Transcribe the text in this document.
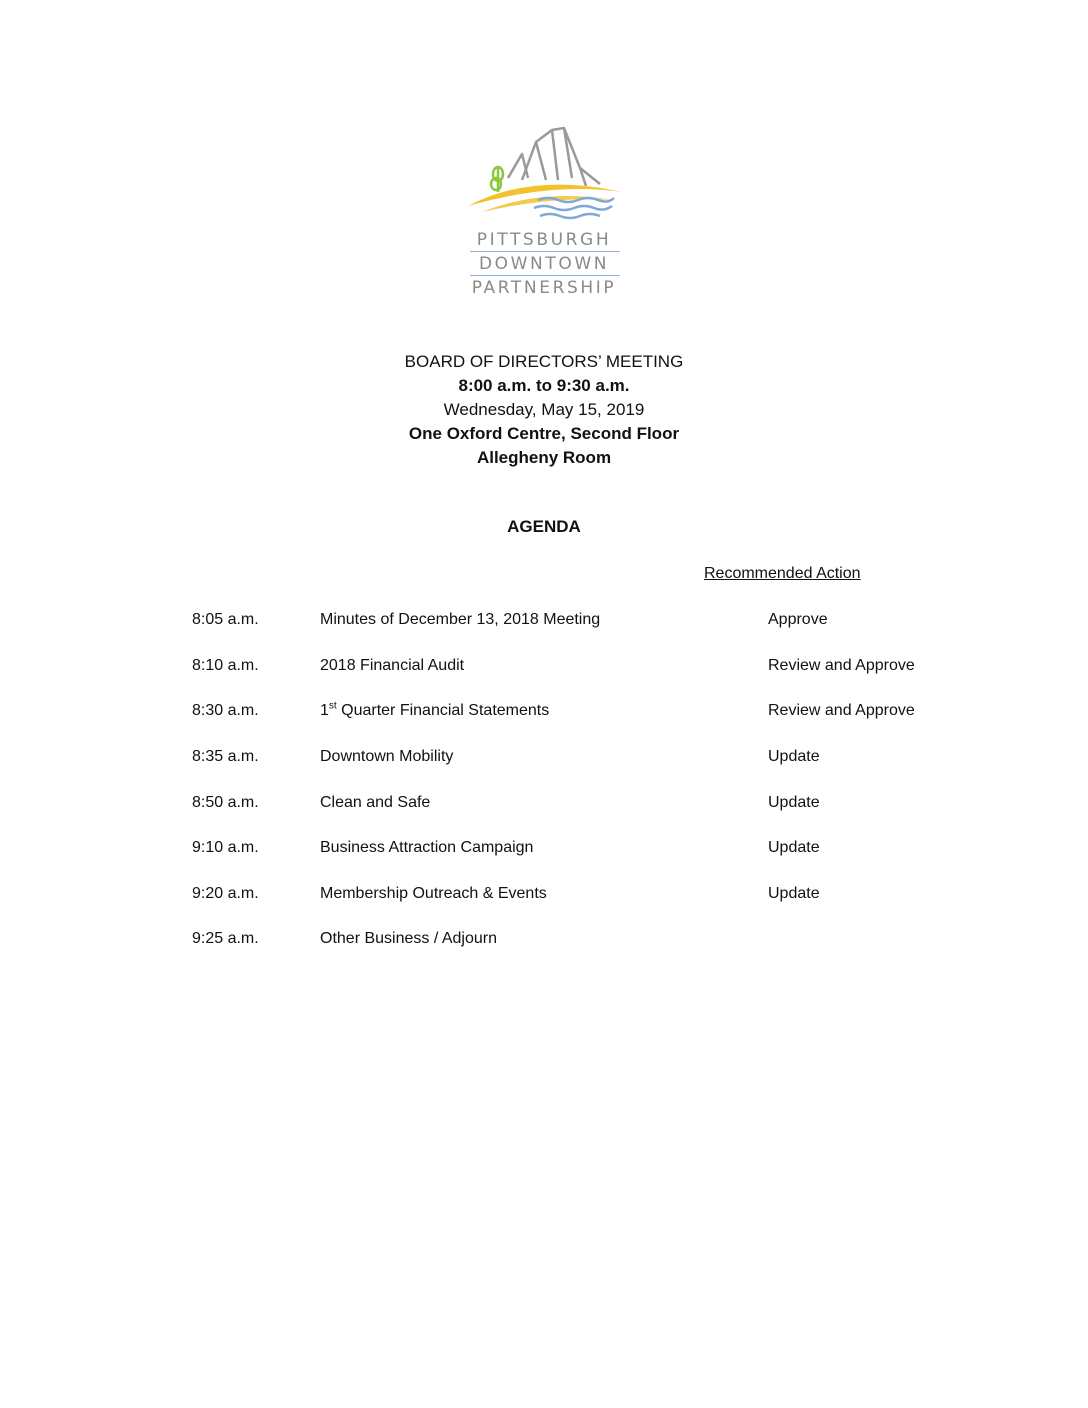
PITTSBURGH
DOWNTOWN
PARTNERSHIP
BOARD OF DIRECTORS’ MEETING
8:00 a.m. to 9:30 a.m.
Wednesday, May 15, 2019
One Oxford Centre, Second Floor
Allegheny Room
AGENDA
Recommended Action
8:05 a.m.	Minutes of December 13, 2018 Meeting	Approve
8:10 a.m.	2018 Financial Audit	Review and Approve
8:30 a.m.	1st Quarter Financial Statements	Review and Approve
8:35 a.m.	Downtown Mobility	Update
8:50 a.m.	Clean and Safe	Update
9:10 a.m.	Business Attraction Campaign	Update
9:20 a.m.	Membership Outreach & Events	Update
9:25 a.m.	Other Business / Adjourn
